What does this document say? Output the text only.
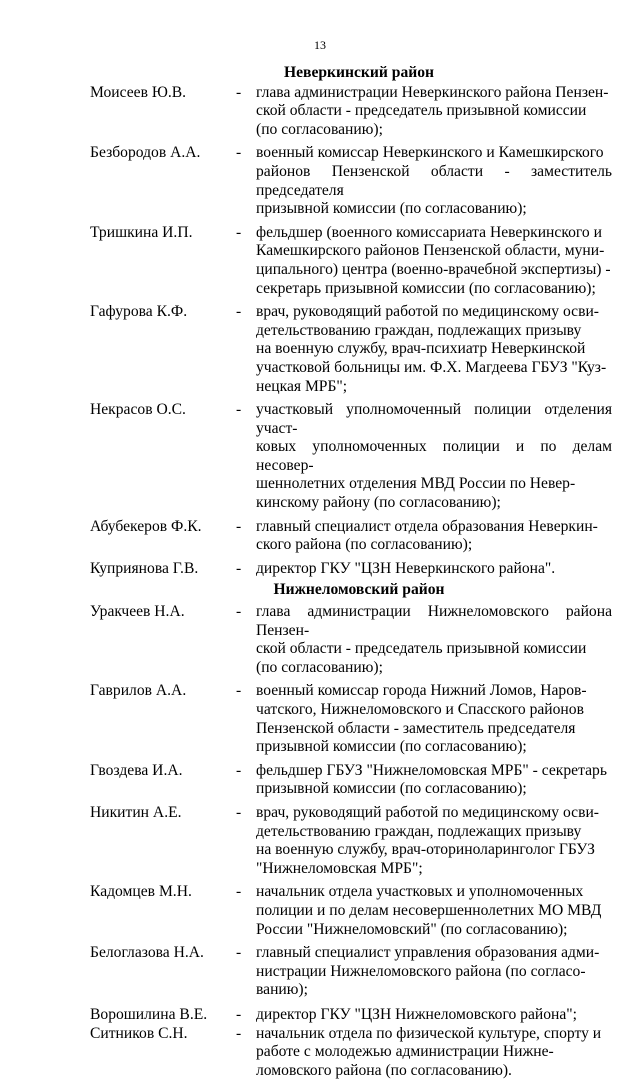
13
Неверкинский район
Моисеев Ю.В.	- глава администрации Неверкинского района Пензен-
ской области - председатель призывной комиссии
(по согласованию);
Безбородов А.А.	- военный комиссар Неверкинского и Камешкирского
районов Пензенской области - заместитель председателя
призывной комиссии (по согласованию);
Тришкина И.П.	- фельдшер (военного комиссариата Неверкинского и
Камешкирского районов Пензенской области, муни-
ципального) центра (военно-врачебной экспертизы) -
секретарь призывной комиссии (по согласованию);
Гафурова К.Ф.	- врач, руководящий работой по медицинскому осви-
детельствованию граждан, подлежащих призыву
на военную службу, врач-психиатр Неверкинской
участковой больницы им. Ф.Х. Магдеева ГБУЗ "Куз-
нецкая МРБ";
Некрасов О.С.	- участковый уполномоченный полиции отделения участ-
ковых уполномоченных полиции и по делам несовер-
шеннолетних отделения МВД России по Невер-
кинскому району (по согласованию);
Абубекеров Ф.К.	- главный специалист отдела образования Неверкин-
ского района (по согласованию);
Куприянова Г.В.	- директор ГКУ "ЦЗН Неверкинского района".
Нижнеломовский район
Уракчеев Н.А.	- глава администрации Нижнеломовского района Пензен-
ской области - председатель призывной комиссии
(по согласованию);
Гаврилов А.А.	- военный комиссар города Нижний Ломов, Наров-
чатского, Нижнеломовского и Спасского районов
Пензенской области - заместитель председателя
призывной комиссии (по согласованию);
Гвоздева И.А.	- фельдшер ГБУЗ "Нижнеломовская МРБ" - секретарь
призывной комиссии (по согласованию);
Никитин А.Е.	- врач, руководящий работой по медицинскому осви-
детельствованию граждан, подлежащих призыву
на военную службу, врач-оториноларинголог ГБУЗ
"Нижнеломовская МРБ";
Кадомцев М.Н.	- начальник отдела участковых и уполномоченных
полиции и по делам несовершеннолетних МО МВД
России "Нижнеломовский" (по согласованию);
Белоглазова Н.А.	- главный специалист управления образования адми-
нистрации Нижнеломовского района (по согласо-
ванию);
Ворошилина В.Е.	- директор ГКУ "ЦЗН Нижнеломовского района";
Ситников С.Н.	- начальник отдела по физической культуре, спорту и
работе с молодежью администрации Нижне-
ломовского района (по согласованию).
